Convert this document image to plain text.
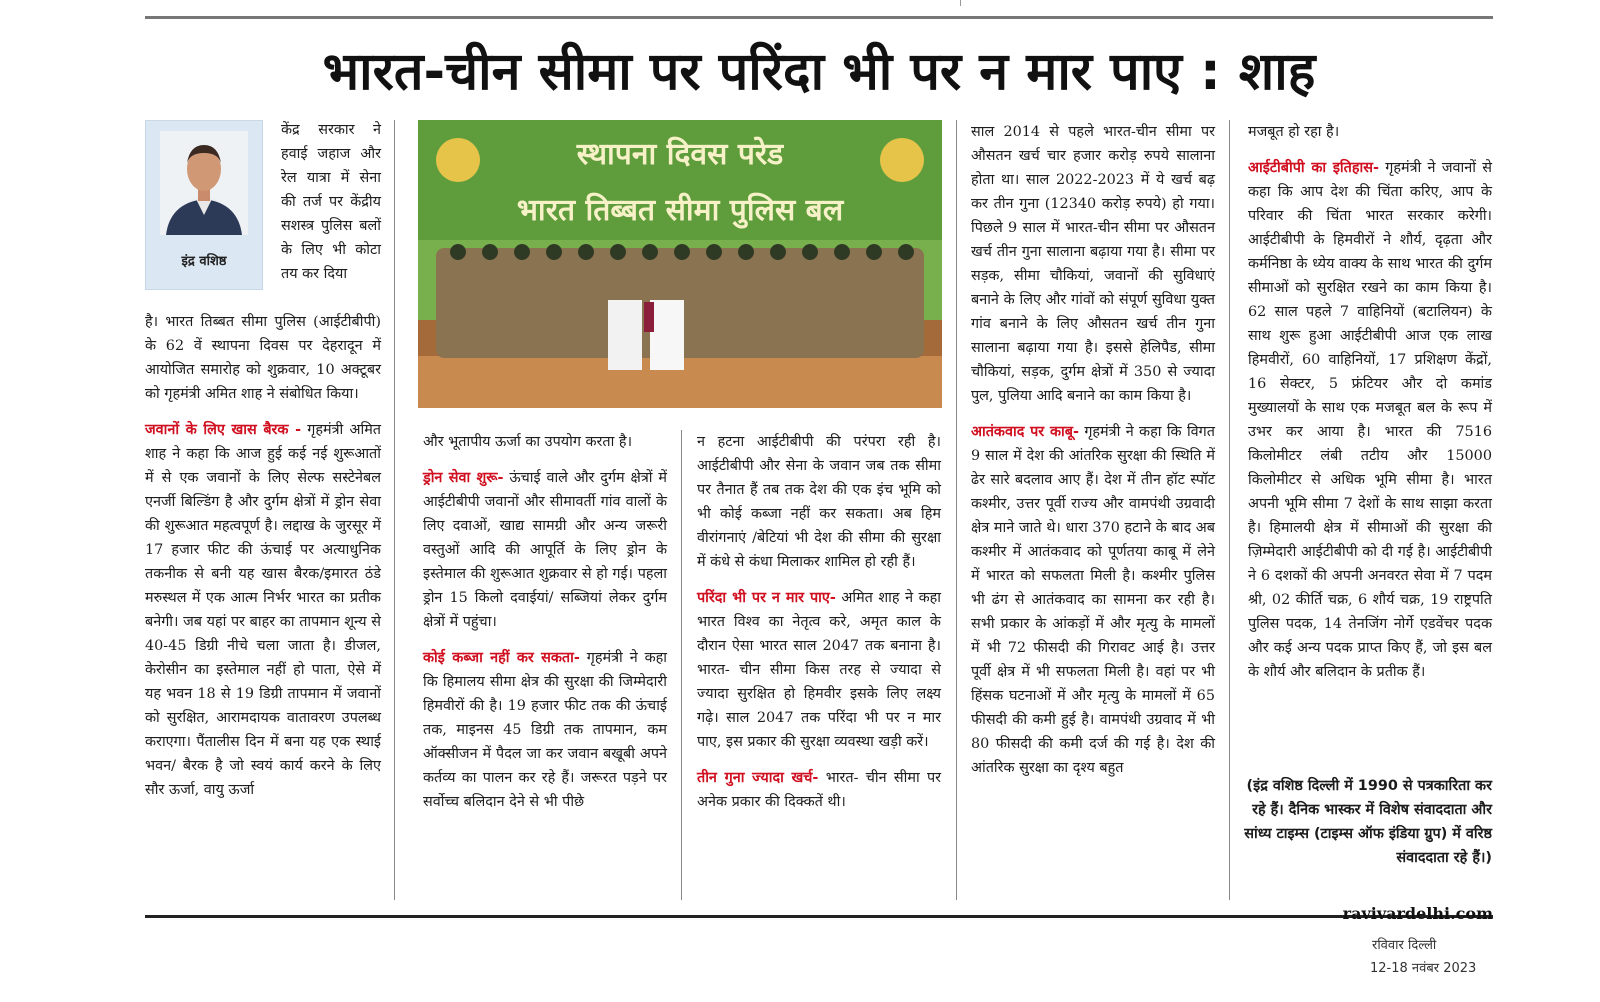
भारत-चीन सीमा पर परिंदा भी पर न मार पाए : शाह
इंद्र वशिष्ठ
केंद्र सरकार ने हवाई जहाज और रेल यात्रा में सेना की तर्ज पर केंद्रीय सशस्त्र पुलिस बलों के लिए भी कोटा तय कर दिया

है। भारत तिब्बत सीमा पुलिस (आईटीबीपी) के 62 वें स्थापना दिवस पर देहरादून में आयोजित समारोह को शुक्रवार, 10 अक्टूबर को गृहमंत्री अमित शाह ने संबोधित किया।

जवानों के लिए खास बैरक - गृहमंत्री अमित शाह ने कहा कि आज हुई कई नई शुरूआतों में से एक जवानों के लिए सेल्फ सस्टेनेबल एनर्जी बिल्डिंग है और दुर्गम क्षेत्रों में ड्रोन सेवा की शुरूआत महत्वपूर्ण है। लद्दाख के जुरसूर में 17 हजार फीट की ऊंचाई पर अत्याधुनिक तकनीक से बनी यह खास बैरक/इमारत ठंडे मरुस्थल में एक आत्म निर्भर भारत का प्रतीक बनेगी। जब यहां पर बाहर का तापमान शून्य से 40-45 डिग्री नीचे चला जाता है। डीजल, केरोसीन का इस्तेमाल नहीं हो पाता, ऐसे में यह भवन 18 से 19 डिग्री तापमान में जवानों को सुरक्षित, आरामदायक वातावरण उपलब्ध कराएगा। पैंतालीस दिन में बना यह एक स्थाई भवन/ बैरक है जो स्वयं कार्य करने के लिए सौर ऊर्जा, वायु ऊर्जा

स्थापना दिवस परेड
भारत तिब्बत सीमा पुलिस बल

और भूतापीय ऊर्जा का उपयोग करता है।

ड्रोन सेवा शुरू- ऊंचाई वाले और दुर्गम क्षेत्रों में आईटीबीपी जवानों और सीमावर्ती गांव वालों के लिए दवाओं, खाद्य सामग्री और अन्य जरूरी वस्तुओं आदि की आपूर्ति के लिए ड्रोन के इस्तेमाल की शुरूआत शुक्रवार से हो गई। पहला ड्रोन 15 किलो दवाईयां/ सब्जियां लेकर दुर्गम क्षेत्रों में पहुंचा।

कोई कब्जा नहीं कर सकता- गृहमंत्री ने कहा कि हिमालय सीमा क्षेत्र की सुरक्षा की जिम्मेदारी हिमवीरों की है। 19 हजार फीट तक की ऊंचाई तक, माइनस 45 डिग्री तक तापमान, कम ऑक्सीजन में पैदल जा कर जवान बखूबी अपने कर्तव्य का पालन कर रहे हैं। जरूरत पड़ने पर सर्वोच्च बलिदान देने से भी पीछे

न हटना आईटीबीपी की परंपरा रही है। आईटीबीपी और सेना के जवान जब तक सीमा पर तैनात हैं तब तक देश की एक इंच भूमि को भी कोई कब्जा नहीं कर सकता। अब हिम वीरांगनाएं /बेटियां भी देश की सीमा की सुरक्षा में कंधे से कंधा मिलाकर शामिल हो रही हैं।

परिंदा भी पर न मार पाए- अमित शाह ने कहा भारत विश्व का नेतृत्व करे, अमृत काल के दौरान ऐसा भारत साल 2047 तक बनाना है। भारत- चीन सीमा किस तरह से ज्यादा से ज्यादा सुरक्षित हो हिमवीर इसके लिए लक्ष्य गढ़े। साल 2047 तक परिंदा भी पर न मार पाए, इस प्रकार की सुरक्षा व्यवस्था खड़ी करें।

तीन गुना ज्यादा खर्च- भारत- चीन सीमा पर अनेक प्रकार की दिक्कतें थी।

साल 2014 से पहले भारत-चीन सीमा पर औसतन खर्च चार हजार करोड़ रुपये सालाना होता था। साल 2022-2023 में ये खर्च बढ़ कर तीन गुना (12340 करोड़ रुपये) हो गया। पिछले 9 साल में भारत-चीन सीमा पर औसतन खर्च तीन गुना सालाना बढ़ाया गया है। सीमा पर सड़क, सीमा चौकियां, जवानों की सुविधाएं बनाने के लिए और गांवों को संपूर्ण सुविधा युक्त गांव बनाने के लिए औसतन खर्च तीन गुना सालाना बढ़ाया गया है। इससे हेलिपैड, सीमा चौकियां, सड़क, दुर्गम क्षेत्रों में 350 से ज्यादा पुल, पुलिया आदि बनाने का काम किया है।

आतंकवाद पर काबू- गृहमंत्री ने कहा कि विगत 9 साल में देश की आंतरिक सुरक्षा की स्थिति में ढेर सारे बदलाव आए हैं। देश में तीन हॉट स्पॉट कश्मीर, उत्तर पूर्वी राज्य और वामपंथी उग्रवादी क्षेत्र माने जाते थे। धारा 370 हटाने के बाद अब कश्मीर में आतंकवाद को पूर्णतया काबू में लेने में भारत को सफलता मिली है। कश्मीर पुलिस भी ढंग से आतंकवाद का सामना कर रही है। सभी प्रकार के आंकड़ों में और मृत्यु के मामलों में भी 72 फीसदी की गिरावट आई है। उत्तर पूर्वी क्षेत्र में भी सफलता मिली है। वहां पर भी हिंसक घटनाओं में और मृत्यु के मामलों में 65 फीसदी की कमी हुई है। वामपंथी उग्रवाद में भी 80 फीसदी की कमी दर्ज की गई है। देश की आंतरिक सुरक्षा का दृश्य बहुत

मजबूत हो रहा है।

आईटीबीपी का इतिहास- गृहमंत्री ने जवानों से कहा कि आप देश की चिंता करिए, आप के परिवार की चिंता भारत सरकार करेगी। आईटीबीपी के हिमवीरों ने शौर्य, दृढ़ता और कर्मनिष्ठा के ध्येय वाक्य के साथ भारत की दुर्गम सीमाओं को सुरक्षित रखने का काम किया है। 62 साल पहले 7 वाहिनियों (बटालियन) के साथ शुरू हुआ आईटीबीपी आज एक लाख हिमवीरों, 60 वाहिनियों, 17 प्रशिक्षण केंद्रों, 16 सेक्टर, 5 फ्रंटियर और दो कमांड मुख्यालयों के साथ एक मजबूत बल के रूप में उभर कर आया है। भारत की 7516 किलोमीटर लंबी तटीय और 15000 किलोमीटर से अधिक भूमि सीमा है। भारत अपनी भूमि सीमा 7 देशों के साथ साझा करता है। हिमालयी क्षेत्र में सीमाओं की सुरक्षा की ज़िम्मेदारी आईटीबीपी को दी गई है। आईटीबीपी ने 6 दशकों की अपनी अनवरत सेवा में 7 पदम श्री, 02 कीर्ति चक्र, 6 शौर्य चक्र, 19 राष्ट्रपति पुलिस पदक, 14 तेनजिंग नोर्गे एडवेंचर पदक और कई अन्य पदक प्राप्त किए हैं, जो इस बल के शौर्य और बलिदान के प्रतीक हैं।

(इंद्र वशिष्ठ दिल्ली में 1990 से पत्रकारिता कर रहे हैं। दैनिक भास्कर में विशेष संवाददाता और सांध्य टाइम्स (टाइम्स ऑफ इंडिया ग्रुप) में वरिष्ठ संवाददाता रहे हैं।)
ravivardelhi.com
रविवार दिल्ली
12-18 नवंबर 2023
